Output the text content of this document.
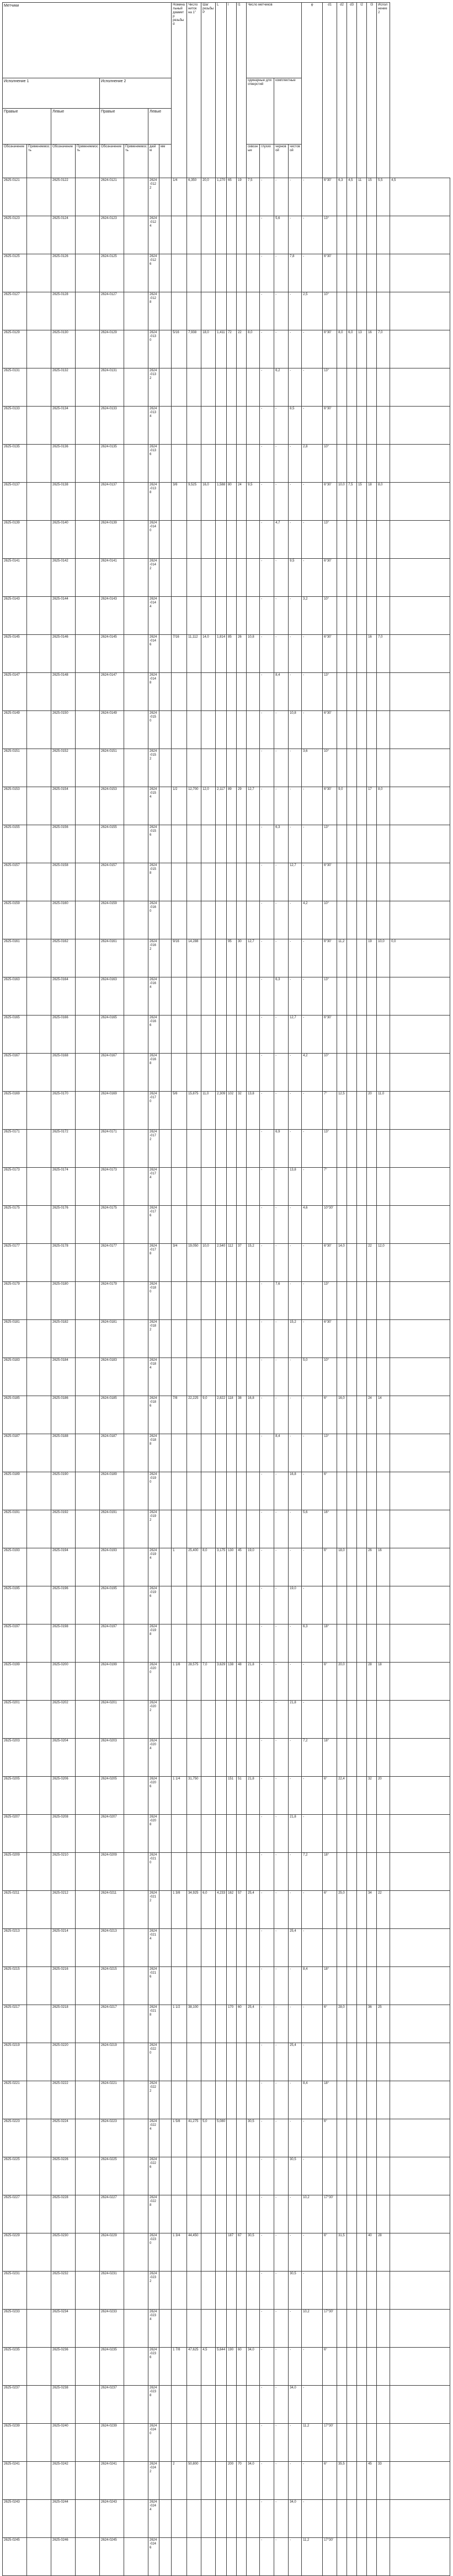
Метчики								Номинальный диаметр резьбы d	Число ниток на 1"	Шаг резьбы P	L	l	l1	Число метчиков				φ	d1	d2	d3	l2	l3	Исполнение 2	
Исполнение 1				Исполнение 2										одинарные для отверстий		комплектные									
Правые		Левые		Правые		Левые																			
Обозначение	Применяемость	Обозначение	Применяемость	Обозначение	Применяемость	дюйм	мм							сквозные	глухих	черновой	чистовой								
2625-0121		2625-0122		2624-0121		2624-0122		1/4	6,350	20,0	1,270	65	19	7,5	-	-	-	-	6°30'	6,3	4,5	11	15	5,5	4,5
2625-0123		2625-0124		2624-0123		2624-0124									-	5,6	-	-	13°						
2625-0125		2625-0126		2624-0125		2624-0126									-	-	7,8	-	6°30'						
2625-0127		2625-0128		2624-0127		2624-0128									-	-	-	2,5	10°						
2625-0129		2625-0130		2624-0129		2624-0130		5/16	7,938	18,0	1,411	72	22	8,0	-	-	-	-	6°30'	8,0	6,0	13	16	7,0	
2625-0131		2625-0132		2624-0131		2624-0132									-	6,2	-	-	13°						
2625-0133		2625-0134		2624-0133		2624-0134									-	-	8,5	-	6°30'						
2625-0135		2625-0136		2624-0135		2624-0136									-	-	-	2,8	10°						
2625-0137		2625-0138		2624-0137		2624-0138		3/8	9,525	16,0	1,588	80	24	9,5	-	-	-	-	6°30'	10,0	7,5	15	18	8,0	
2625-0139		2625-0140		2624-0139		2624-0140									-	4,7	-	-	13°						
2625-0141		2625-0142		2624-0141		2624-0142									-	-	9,5	-	6°30'						
2625-0143		2625-0144		2624-0143		2624-0144									-	-	-	3,2	10°						
2625-0145		2625-0146		2624-0145		2624-0146		7/16	11,112	14,0	1,814	85	26	10,8	-	-	-	-	6°30'				16	7,0	
2625-0147		2625-0148		2624-0147		2624-0148									-	8,4	-	-	13°						
2625-0149		2625-0150		2624-0149		2624-0150									-	-	10,8	-	6°30'						
2625-0151		2625-0152		2624-0151		2624-0152									-	-	-	3,6	10°						
2625-0153		2625-0154		2624-0153		2624-0154		1/2	12,700	12,0	2,117	89	29	12,7	-	-	-	-	6°30'	9,0			17	8,0	
2625-0155		2625-0156		2624-0155		2624-0156									-	6,3	-	-	13°						
2625-0157		2625-0158		2624-0157		2624-0158									-	-	12,7	-	6°30'						
2625-0159		2625-0160		2624-0159		2624-0160									-	-	-	4,2	10°						
2625-0161		2625-0162		2624-0161		2624-0162		9/16	14,288			95	30	12,7	-	-	-	-	6°30'	11,2			19	10,0	0,0
2625-0163		2625-0164		2624-0163		2624-0164									-	6,3	-	-	13°						
2625-0165		2625-0166		2624-0165		2624-0166									-	-	12,7	-	6°30'						
2625-0167		2625-0168		2624-0167		2624-0168									-	-	-	4,2	10°						
2625-0169		2625-0170		2624-0169		2624-0170		5/8	15,875	11,0	2,309	102	32	13,8	-	-	-	-	7°	12,5			20	11,0	
2625-0171		2625-0172		2624-0171		2624-0172									-	6,9	-	-	13°						
2625-0173		2625-0174		2624-0173		2624-0174									-	-	13,8	-	7°						
2625-0175		2625-0176		2624-0175		2624-0176									-	-	-	4,6	10°30'						
2625-0177		2625-0178		2624-0177		2624-0178		3/4	19,050	10,0	2,540	112	37	15,2	-	-	-	-	6°30'	14,0			22	12,0	
2625-0179		2625-0180		2624-0179		2624-0180									-	7,6	-	-	13°						
2625-0181		2625-0182		2624-0181		2624-0182									-	-	15,2	-	6°30'						
2625-0183		2625-0184		2624-0183		2624-0184									-	-	-	5,0	10°						
2625-0185		2625-0186		2624-0185		2624-0186		7/8	22,225	9,0	2,822	118	38	16,8	-	-	-	-	6°	16,0			24	14	
2625-0187		2625-0188		2624-0187		2624-0188									-	8,4	-	-	13°						
2625-0189		2625-0190		2624-0189		2624-0190									-	-	16,8	-	6°						
2625-0191		2625-0192		2624-0191		2624-0192									-	-	-	5,6	16°						
2625-0193		2625-0194		2624-0193		2624-0194		1	25,400	8,0	3,175	130	45	19,0	-	-	-	-	6°	18,0			26	16	
2625-0195		2625-0196		2624-0195		2624-0196									-	-	19,0	-							
2625-0197		2625-0198		2624-0197		2624-0198									-	-	-	6,3	18°						
2625-0199		2625-0200		2624-0199		2624-0200		1 1/8	28,575	7,0	3,629	138	48	21,8	-	-	-	-	6°	20,0			28	18	
2625-0201		2625-0202		2624-0201		2624-0202									-	-	21,8	-							
2625-0203		2625-0204		2624-0203		2624-0204									-	-	-	7,2	18°						
2625-0205		2625-0206		2624-0205		2624-0206		1 1/4	31,750			151	51	21,8	-	-	-	-	6°	22,4			32	20	
2625-0207		2625-0208		2624-0207		2624-0208									-	-	21,8	-							
2625-0209		2625-0210		2624-0209		2624-0210									-	-	-	7,2	18°						
2625-0211		2625-0212		2624-0211		2624-0212		1 3/8	34,925	6,0	4,233	162	57	25,4	-	-	-	-	6°	25,0			34	22	
2625-0213		2625-0214		2624-0213		2624-0214									-	-	25,4	-							
2625-0215		2625-0216		2624-0215		2624-0216									-	-	-	8,4	18°						
2625-0217		2625-0218		2624-0217		2624-0218		1 1/2	38,100			170	60	25,4	-	-	-	-	6°	28,0			36	25	
2625-0219		2625-0220		2624-0219		2624-0220									-	-	25,4	-							
2625-0221		2625-0222		2624-0221		2624-0222									-	-	-	8,4	18°						
2625-0223		2625-0224		2624-0223		2624-0224		1 5/8	41,275	5,0	5,080			30,5	-	-	-	-	6°						
2625-0225		2625-0226		2624-0225		2624-0226									-	-	30,5	-							
2625-0227		2625-0228		2624-0227		2624-0228									-	-	-	10,2	17°30'						
2625-0229		2625-0230		2624-0229		2624-0230		1 3/4	44,450			187	67	30,5	-	-	-	-	6°	31,5			40	28	
2625-0231		2625-0232		2624-0231		2624-0232									-	-	30,5	-							
2625-0233		2625-0234		2624-0233		2624-0234									-	-	-	10,2	17°30'						
2625-0235		2625-0236		2624-0235		2624-0236		1 7/8	47,625	4,5	5,644	190	60	34,0	-	-	-	-	6°						
2625-0237		2625-0238		2624-0237		2624-0238									-	-	34,0	-							
2625-0239		2625-0240		2624-0239		2624-0240									-	-	-	11,2	17°30'						
2625-0241		2625-0242		2624-0241		2624-0242		2	50,800			200	70	34,0	-	-	-	-	6°	35,5			45	33	
2625-0243		2625-0244		2624-0243		2624-0244									-	-	34,0	-							
2625-0245		2625-0246		2624-0245		2624-0246									-	-	-	11,2	17°30'						
